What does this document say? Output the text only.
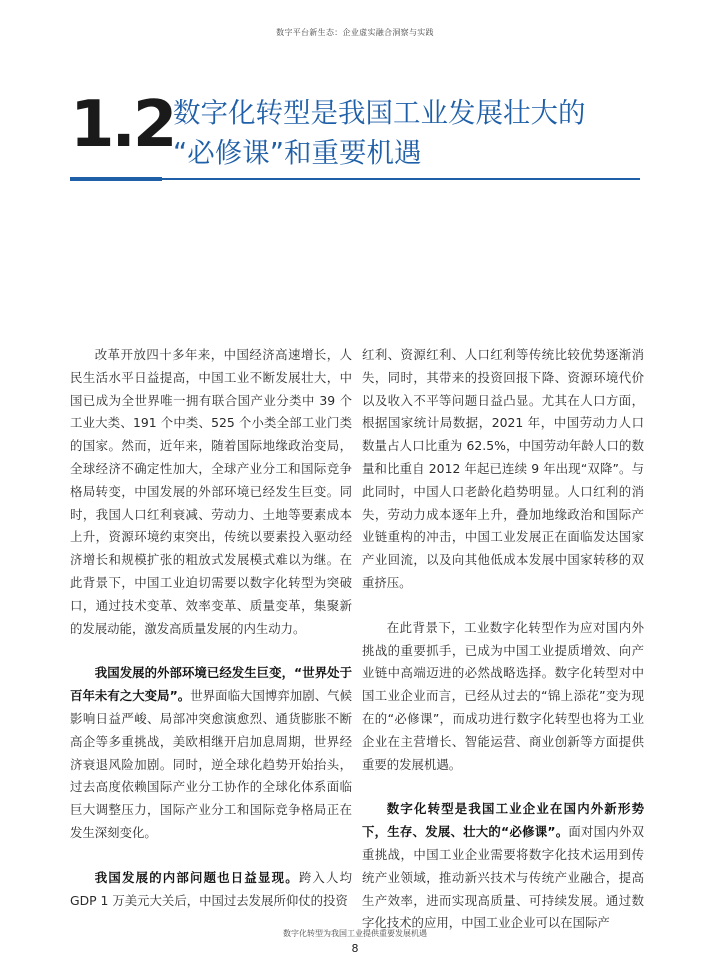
数字平台新生态：企业虚实融合洞察与实践
1.2
数字化转型是我国工业发展壮大的
“必修课”和重要机遇

改革开放四十多年来，中国经济高速增长，人民生活水平日益提高，中国工业不断发展壮大，中国已成为全世界唯一拥有联合国产业分类中 39 个工业大类、191 个中类、525 个小类全部工业门类的国家。然而，近年来，随着国际地缘政治变局，全球经济不确定性加大，全球产业分工和国际竞争格局转变，中国发展的外部环境已经发生巨变。同时，我国人口红利衰减、劳动力、土地等要素成本上升，资源环境约束突出，传统以要素投入驱动经济增长和规模扩张的粗放式发展模式难以为继。在此背景下，中国工业迫切需要以数字化转型为突破口，通过技术变革、效率变革、质量变革，集聚新的发展动能，激发高质量发展的内生动力。

我国发展的外部环境已经发生巨变，“世界处于百年未有之大变局”。世界面临大国博弈加剧、气候影响日益严峻、局部冲突愈演愈烈、通货膨胀不断高企等多重挑战，美欧相继开启加息周期，世界经济衰退风险加剧。同时，逆全球化趋势开始抬头，过去高度依赖国际产业分工协作的全球化体系面临巨大调整压力，国际产业分工和国际竞争格局正在发生深刻变化。

我国发展的内部问题也日益显现。跨入人均 GDP 1 万美元大关后，中国过去发展所仰仗的投资

红利、资源红利、人口红利等传统比较优势逐渐消失，同时，其带来的投资回报下降、资源环境代价以及收入不平等问题日益凸显。尤其在人口方面，根据国家统计局数据，2021 年，中国劳动力人口数量占人口比重为 62.5%，中国劳动年龄人口的数量和比重自 2012 年起已连续 9 年出现“双降”。与此同时，中国人口老龄化趋势明显。人口红利的消失，劳动力成本逐年上升，叠加地缘政治和国际产业链重构的冲击，中国工业发展正在面临发达国家产业回流，以及向其他低成本发展中国家转移的双重挤压。

在此背景下，工业数字化转型作为应对国内外挑战的重要抓手，已成为中国工业提质增效、向产业链中高端迈进的必然战略选择。数字化转型对中国工业企业而言，已经从过去的“锦上添花”变为现在的“必修课”，而成功进行数字化转型也将为工业企业在主营增长、智能运营、商业创新等方面提供重要的发展机遇。

数字化转型是我国工业企业在国内外新形势下，生存、发展、壮大的“必修课”。面对国内外双重挑战，中国工业企业需要将数字化技术运用到传统产业领域，推动新兴技术与传统产业融合，提高生产效率，进而实现高质量、可持续发展。通过数字化技术的应用，中国工业企业可以在国际产

数字化转型为我国工业提供重要发展机遇
8
